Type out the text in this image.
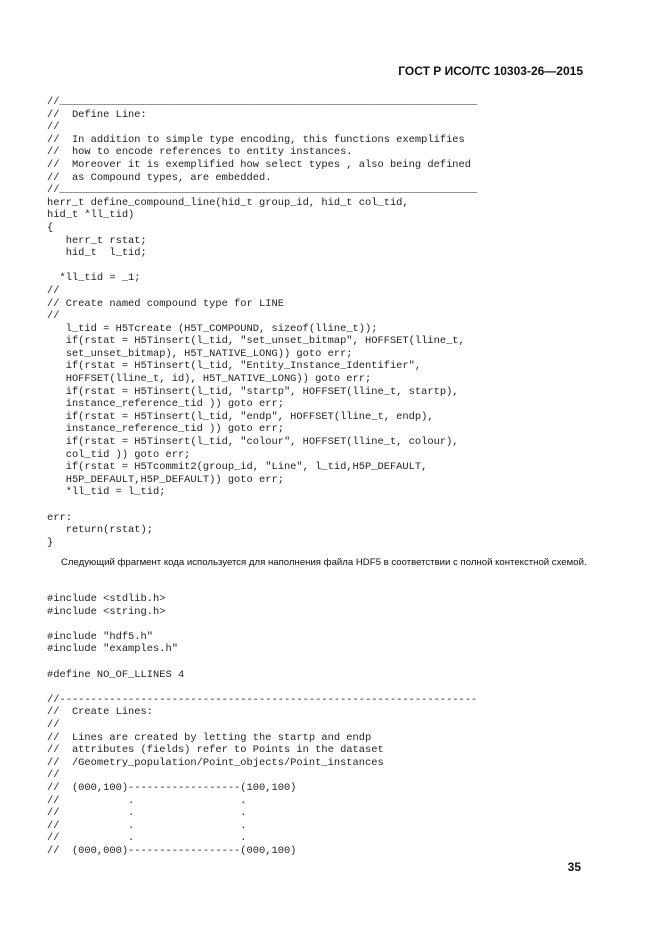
ГОСТ Р ИСО/ТС 10303-26—2015
//___________________________________________________________________
//  Define Line:
//
//  In addition to simple type encoding, this functions exemplifies
//  how to encode references to entity instances.
//  Moreover it is exemplified how select types , also being defined
//  as Compound types, are embedded.
//___________________________________________________________________
herr_t define_compound_line(hid_t group_id, hid_t col_tid,
hid_t *ll_tid)
{
herr_t rstat;
hid_t  l_tid;
*ll_tid = _1;
//
// Create named compound type for LINE
//
l_tid = H5Tcreate (H5T_COMPOUND, sizeof(lline_t));
if(rstat = H5Tinsert(l_tid, "set_unset_bitmap", HOFFSET(lline_t,
set_unset_bitmap), H5T_NATIVE_LONG)) goto err;
if(rstat = H5Tinsert(l_tid, "Entity_Instance_Identifier",
HOFFSET(lline_t, id), H5T_NATIVE_LONG)) goto err;
if(rstat = H5Tinsert(l_tid, "startp", HOFFSET(lline_t, startp),
instance_reference_tid )) goto err;
if(rstat = H5Tinsert(l_tid, "endp", HOFFSET(lline_t, endp),
instance_reference_tid )) goto err;
if(rstat = H5Tinsert(l_tid, "colour", HOFFSET(lline_t, colour),
col_tid )) goto err;
if(rstat = H5Tcommit2(group_id, "Line", l_tid,H5P_DEFAULT,
H5P_DEFAULT,H5P_DEFAULT)) goto err;
*ll_tid = l_tid;
err:
return(rstat);
}
Следующий фрагмент кода используется для наполнения файла HDF5 в соответствии с полной контекстной схемой.
#include <stdlib.h>
#include <string.h>
#include "hdf5.h"
#include "examples.h"
#define NO_OF_LLINES 4
//-------------------------------------------------------------------
//  Create Lines:
//
//  Lines are created by letting the startp and endp
//  attributes (fields) refer to Points in the dataset
//  /Geometry_population/Point_objects/Point_instances
//
//  (000,100)------------------(100,100)
//           .                 .
//           .                 .
//           .                 .
//           .                 .
//  (000,000)------------------(000,100)
35
